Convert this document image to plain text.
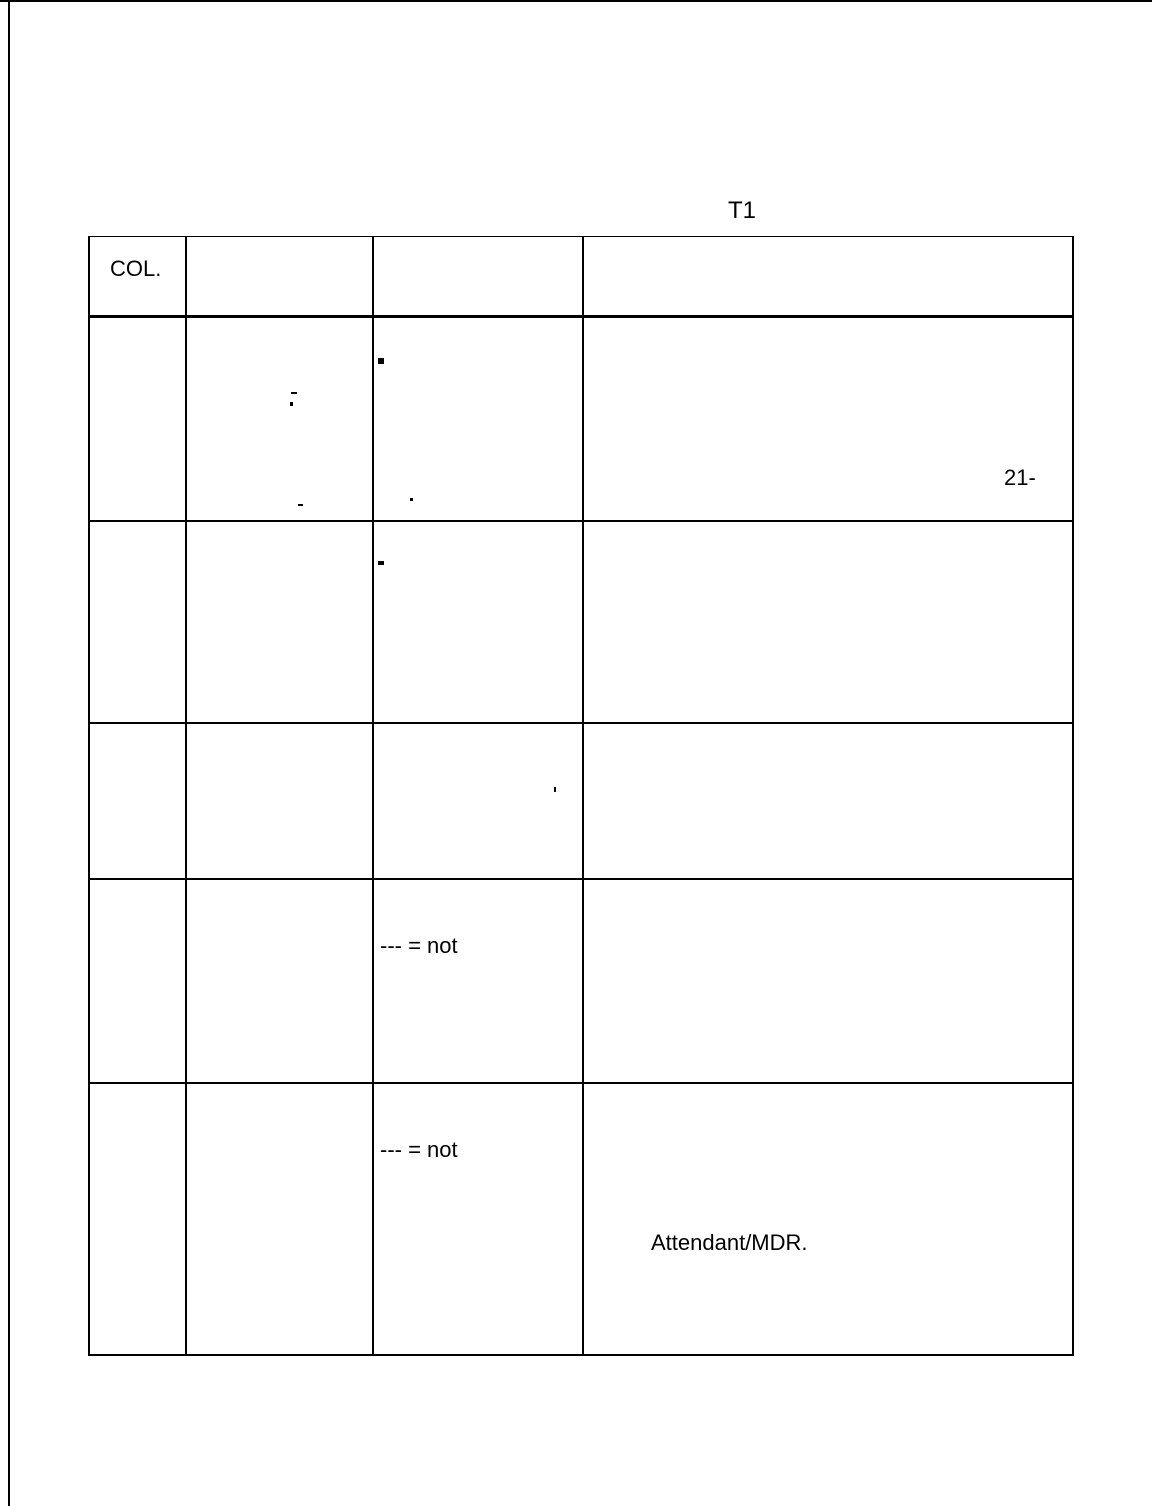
T1
COL.
21-
--- = not
--- = not
Attendant/MDR.
